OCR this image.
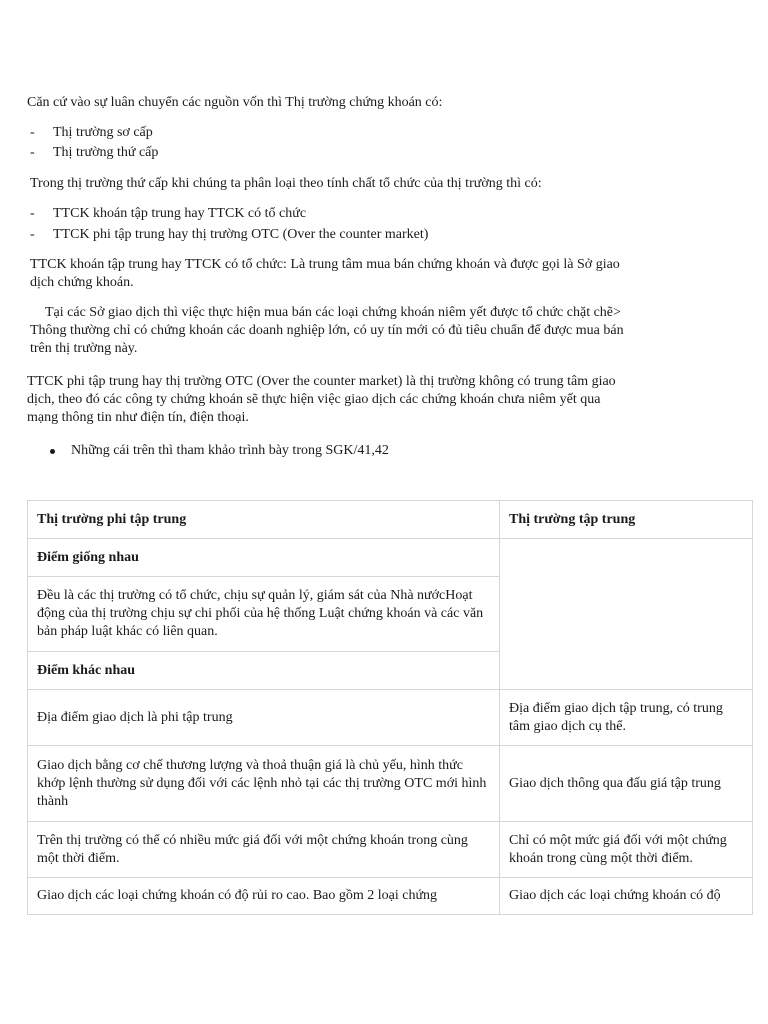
Căn cứ vào sự luân chuyển các nguồn vốn thì Thị trường chứng khoán có:

- Thị trường sơ cấp
- Thị trường thứ cấp

Trong thị trường thứ cấp khi chúng ta phân loại theo tính chất tổ chức của thị trường thì có:

- TTCK khoán tập trung hay TTCK có tổ chức
- TTCK phi tập trung hay thị trường OTC (Over the counter market)
TTCK khoán tập trung hay TTCK có tổ chức: Là trung tâm mua bán chứng khoán và được gọi là Sở giao
dịch chứng khoán.
Tại các Sở giao dịch thì việc thực hiện mua bán các loại chứng khoán niêm yết được tổ chức chặt chẽ>
Thông thường chỉ có chứng khoán các doanh nghiệp lớn, có uy tín mới có đủ tiêu chuẩn để được mua bán
trên thị trường này.
TTCK phi tập trung hay thị trường OTC (Over the counter market) là thị trường không có trung tâm giao
dịch, theo đó các công ty chứng khoán sẽ thực hiện việc giao dịch các chứng khoán chưa niêm yết qua
mạng thông tin như điện tín, điện thoại.
Những cái trên thì tham khảo trình bày trong SGK/41,42
Thị trường phi tập trung	Thị trường tập trung
Điểm giống nhau	
Đều là các thị trường có tổ chức, chịu sự quản lý, giám sát của Nhà nướcHoạt động của thị trường chịu sự chi phối của hệ thống Luật chứng khoán và các văn bản pháp luật khác có liên quan.	
Điểm khác nhau	
Địa điểm giao dịch là phi tập trung	Địa điểm giao dịch tập trung, có trung tâm giao dịch cụ thể.
Giao dịch bằng cơ chế thương lượng và thoả thuận giá là chủ yếu, hình thức khớp lệnh thường sử dụng đối với các lệnh nhỏ tại các thị trường OTC mới hình thành	Giao dịch thông qua đấu giá tập trung
Trên thị trường có thể có nhiều mức giá đối với một chứng khoán trong cùng một thời điểm.	Chỉ có một mức giá đối với một chứng khoán trong cùng một thời điểm.
Giao dịch các loại chứng khoán có độ rủi ro cao. Bao gồm 2 loại chứng	Giao dịch các loại chứng khoán có độ
